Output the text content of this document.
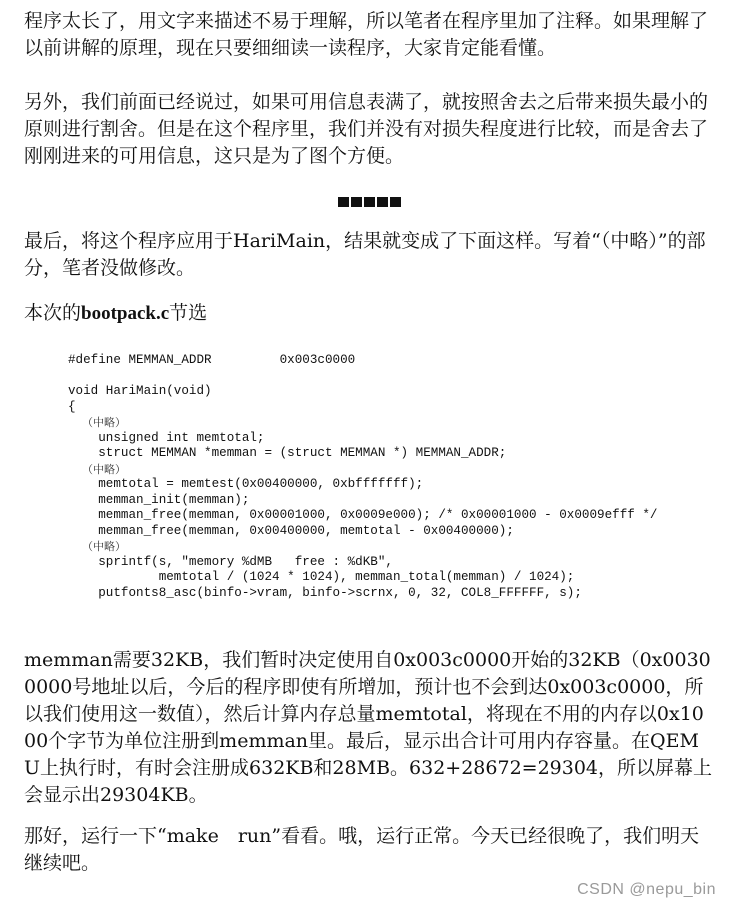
程序太长了，用文字来描述不易于理解，所以笔者在程序里加了注释。如果理解了以前讲解的原理，现在只要细细读一读程序，大家肯定能看懂。

另外，我们前面已经说过，如果可用信息表满了，就按照舍去之后带来损失最小的原则进行割舍。但是在这个程序里，我们并没有对损失程度进行比较，而是舍去了刚刚进来的可用信息，这只是为了图个方便。

最后，将这个程序应用于HariMain，结果就变成了下面这样。写着“（中略）”的部分，笔者没做修改。

本次的bootpack.c节选

#define MEMMAN_ADDR         0x003c0000
void HariMain(void)
{
（中略）
unsigned int memtotal;
struct MEMMAN *memman = (struct MEMMAN *) MEMMAN_ADDR;
（中略）
memtotal = memtest(0x00400000, 0xbfffffff);
memman_init(memman);
memman_free(memman, 0x00001000, 0x0009e000); /* 0x00001000 - 0x0009efff */
memman_free(memman, 0x00400000, memtotal - 0x00400000);
（中略）
sprintf(s, "memory %dMB   free : %dKB",
memtotal / (1024 * 1024), memman_total(memman) / 1024);
putfonts8_asc(binfo->vram, binfo->scrnx, 0, 32, COL8_FFFFFF, s);

memman需要32KB，我们暂时决定使用自0x003c0000开始的32KB（0x00300000号地址以后，今后的程序即使有所增加，预计也不会到达0x003c0000，所以我们使用这一数值），然后计算内存总量memtotal，将现在不用的内存以0x1000个字节为单位注册到memman里。最后，显示出合计可用内存容量。在QEMU上执行时，有时会注册成632KB和28MB。632+28672=29304，所以屏幕上会显示出29304KB。

那好，运行一下“make　run”看看。哦，运行正常。今天已经很晚了，我们明天继续吧。

CSDN @nepu_bin
